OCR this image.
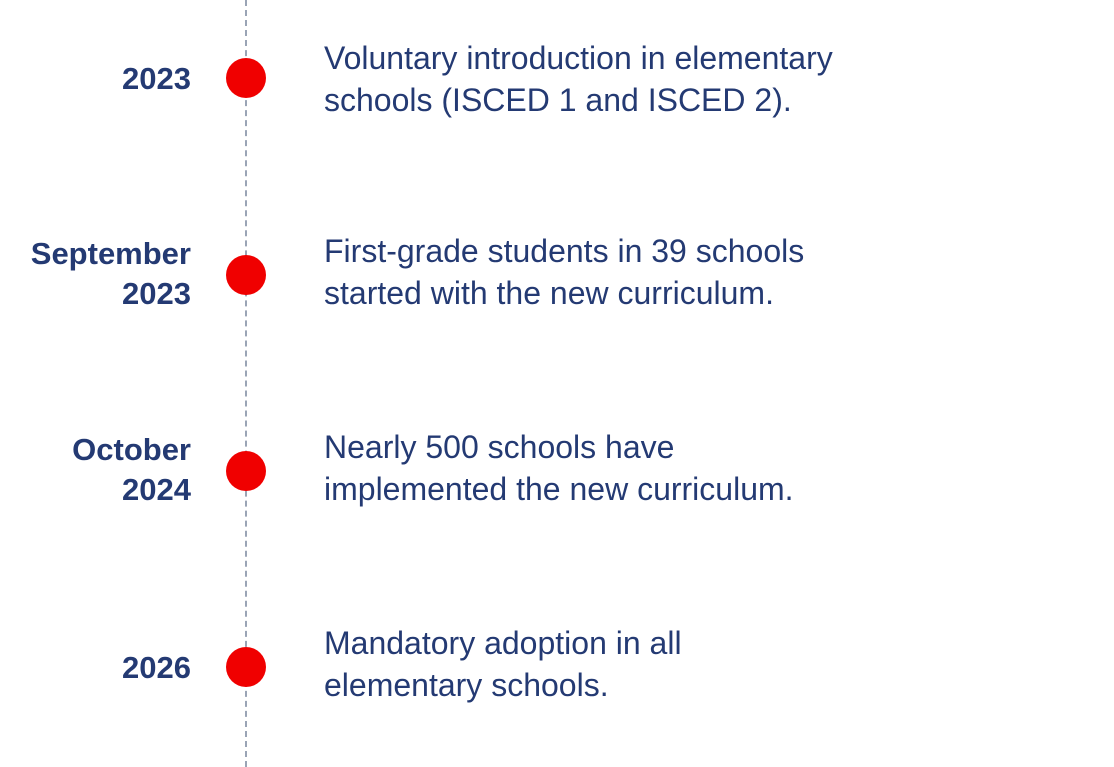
2023
Voluntary introduction in elementary
schools (ISCED 1 and ISCED 2).
September
2023
First-grade students in 39 schools
started with the new curriculum.
October
2024
Nearly 500 schools have
implemented the new curriculum.
2026
Mandatory adoption in all
elementary schools.
